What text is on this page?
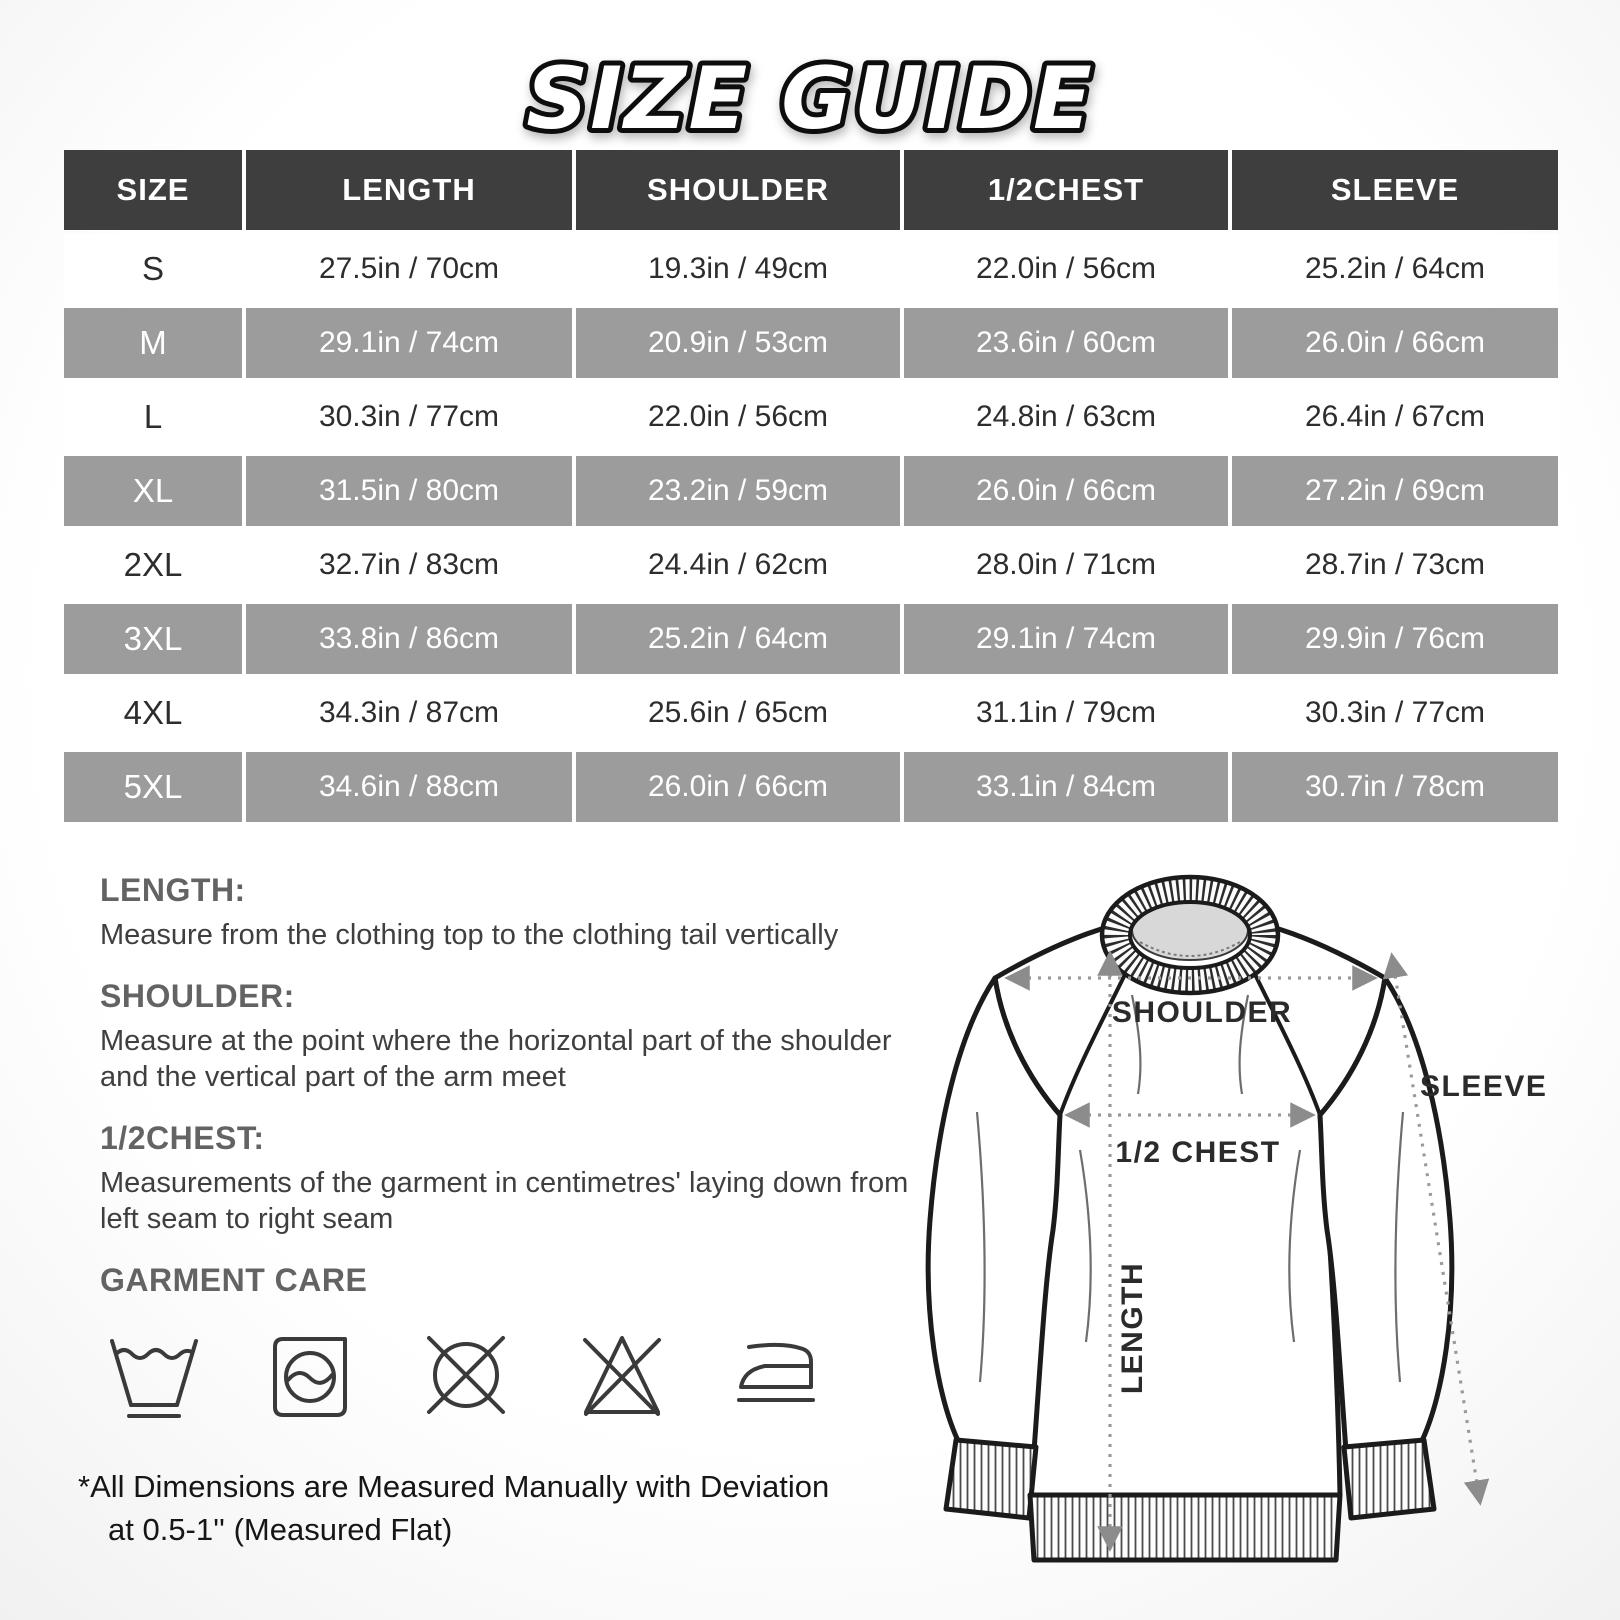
SIZE GUIDE
SIZE	LENGTH	SHOULDER	1/2CHEST	SLEEVE
S	27.5in / 70cm	19.3in / 49cm	22.0in / 56cm	25.2in / 64cm
M	29.1in / 74cm	20.9in / 53cm	23.6in / 60cm	26.0in / 66cm
L	30.3in / 77cm	22.0in / 56cm	24.8in / 63cm	26.4in / 67cm
XL	31.5in / 80cm	23.2in / 59cm	26.0in / 66cm	27.2in / 69cm
2XL	32.7in / 83cm	24.4in / 62cm	28.0in / 71cm	28.7in / 73cm
3XL	33.8in / 86cm	25.2in / 64cm	29.1in / 74cm	29.9in / 76cm
4XL	34.3in / 87cm	25.6in / 65cm	31.1in / 79cm	30.3in / 77cm
5XL	34.6in / 88cm	26.0in / 66cm	33.1in / 84cm	30.7in / 78cm
LENGTH:
Measure from the clothing top to the clothing tail vertically
SHOULDER:
Measure at the point where the horizontal part of the shoulder and the vertical part of the arm meet
1/2CHEST:
Measurements of the garment in centimetres' laying down from left seam to right seam
GARMENT CARE
*All Dimensions are Measured Manually with Deviation
at 0.5-1'' (Measured Flat)
SHOULDER
1/2 CHEST
LENGTH
SLEEVE
